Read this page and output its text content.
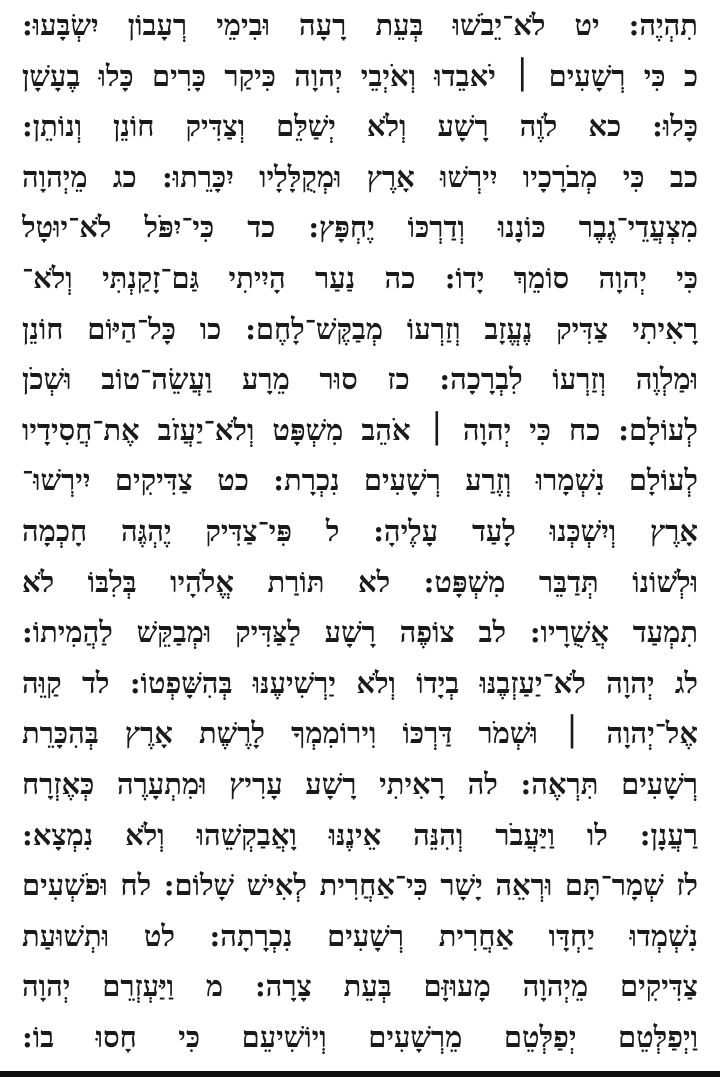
תִהְיֶה: יט לֹא־יֵבֹשׁוּ בְּעֵת רָעָה וּבִימֵי רְעָבוֹן יִשְׂבָּעוּ:
כ כִּי רְשָׁעִים ׀ יֹאבֵדוּ וְאֹיְבֵי יְהוָה כִּיקַר כָּרִים כָּלוּ בֶעָשָׁן
כָּלוּ: כא לֹוֶה רָשָׁע וְלֹא יְשַׁלֵּם וְצַדִּיק חוֹנֵן וְנוֹתֵן:
כב כִּי מְבֹרָכָיו יִירְשׁוּ אָרֶץ וּמְקֻלָּלָיו יִכָּרֵתוּ: כג מֵיְהוָה
מִצְעֲדֵי־גֶבֶר כּוֹנָנוּ וְדַרְכּוֹ יֶחְפָּץ: כד כִּי־יִפֹּל לֹא־יוּטָל
כִּי יְהוָה סוֹמֵךְ יָדוֹ: כה נַעַר הָיִיתִי גַּם־זָקַנְתִּי וְלֹא־
רָאִיתִי צַדִּיק נֶעֱזָב וְזַרְעוֹ מְבַקֶּשׁ־לָחֶם: כו כָּל־הַיּוֹם חוֹנֵן
וּמַלְוֶה וְזַרְעוֹ לִבְרָכָה: כז סוּר מֵרָע וַעֲשֵׂה־טוֹב וּשְׁכֹן
לְעוֹלָם: כח כִּי יְהוָה ׀ אֹהֵב מִשְׁפָּט וְלֹא־יַעֲזֹב אֶת־חֲסִידָיו
לְעוֹלָם נִשְׁמָרוּ וְזֶרַע רְשָׁעִים נִכְרָת: כט צַדִּיקִים יִירְשׁוּ־
אָרֶץ וְיִשְׁכְּנוּ לָעַד עָלֶיהָ: ל פִּי־צַדִּיק יֶהְגֶּה חָכְמָה
וּלְשׁוֹנוֹ תְּדַבֵּר מִשְׁפָּט: לא תּוֹרַת אֱלֹהָיו בְּלִבּוֹ לֹא
תִמְעַד אֲשֻׁרָיו: לב צוֹפֶה רָשָׁע לַצַּדִּיק וּמְבַקֵּשׁ לַהֲמִיתוֹ:
לג יְהוָה לֹא־יַעַזְבֶנּוּ בְיָדוֹ וְלֹא יַרְשִׁיעֶנּוּ בְּהִשָּׁפְטוֹ: לד קַוֵּה
אֶל־יְהוָה ׀ וּשְׁמֹר דַּרְכּוֹ וִירוֹמִמְךָ לָרֶשֶׁת אָרֶץ בְּהִכָּרֵת
רְשָׁעִים תִּרְאֶה: לה רָאִיתִי רָשָׁע עָרִיץ וּמִתְעָרֶה כְּאֶזְרָח
רַעֲנָן: לו וַיַּעֲבֹר וְהִנֵּה אֵינֶנּוּ וָאֲבַקְשֵׁהוּ וְלֹא נִמְצָא:
לז שְׁמָר־תָּם וּרְאֵה יָשָׁר כִּי־אַחֲרִית לְאִישׁ שָׁלוֹם: לח וּפֹשְׁעִים
נִשְׁמְדוּ יַחְדָּו אַחֲרִית רְשָׁעִים נִכְרָתָה: לט וּתְשׁוּעַת
צַדִּיקִים מֵיְהוָה מָעוּזָּם בְּעֵת צָרָה: מ וַיַּעְזְרֵם יְהוָה
וַיְפַלְּטֵם יְפַלְּטֵם מֵרְשָׁעִים וְיוֹשִׁיעֵם כִּי חָסוּ בוֹ:
